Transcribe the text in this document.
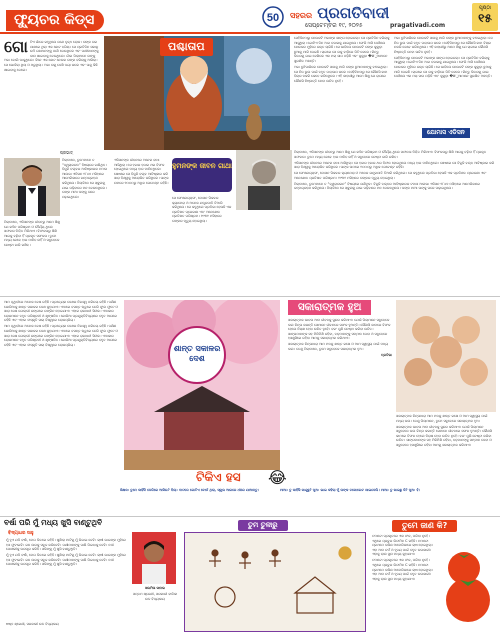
ଫ୍ୟୁଚର କିଡ୍ସ	50 ସହରର ପ୍ରଗତିବାଦୀ
ସେପ୍ଟେମ୍ବର ୧୯, ୨୦୨୫	pragativadi.com
ପୃଷ୍ଠା
୧୫
ଗୋ ଟିଏ ଗାଁରେ ରହୁଥିଲେ ଜଣେ ବୃଦ୍ଧ ଲୋକ। ତାଙ୍କ ଘର ପାଖରେ ଥିଲା ଏକ ଛୋଟ ବଗିଚା। ସେ ପ୍ରତିଦିନ ସକାଳୁ ଉଠି ଗଛମାନଙ୍କୁ ପାଣି ଦେଉଥିଲେ ଏବଂ ପକ୍ଷୀମାନଙ୍କୁ ଦାନା ଖାଇବାକୁ ଦେଉଥିଲେ। ଗାଁର ପିଲାମାନେ ତାଙ୍କୁ ଅଜା ବୋଲି ଡାକୁଥିଲେ। ଦିନେ ଏକ ଛୋଟ ନେଉଳ ତାଙ୍କ ବଗିଚାକୁ ଆସିଲା। ସେ ଭୋକିଲା ଥିଲା ଓ ଥରୁଥିଲା। ଅଜା ତାକୁ ଦେଖି ଦୟା କଲେ ଏବଂ ତାକୁ କିଛି ଖାଇବାକୁ ଦେଲେ।
ପ୍ରଭାତ୍
ପଶ୍ଚାତାପ

ସେହିଦିନଠାରୁ ନେଉଳଟି ଅଜାଙ୍କ ସାଙ୍ଗ ହୋଇଗଲା। ସେ ପ୍ରତିଦିନ ବଗିଚାକୁ ଆସୁଥିଲା। ଗୋଟିଏ ଦିନ ଅଜା ବଜାରକୁ ଯାଇଥିଲେ। ଫେରି ଆସି ଦେଖିଲେ ନେଉଳର ମୁହଁରେ ରକ୍ତ ଲାଗିଛି। ସେ ଭାବିଲେ ନେଉଳଟି ତାଙ୍କ କୁକୁଡ଼ା ଛୁଆକୁ ମାରି ଦେଇଛି। ରାଗରେ ସେ ତାକୁ ବାଡ଼ିରେ ପିଟି ଦେଲେ। କିନ୍ତୁ ଭିତରକୁ ଯାଇ ଦେଖିଲେ ଏକ ମରା ସାପ ପଡ଼ିଛି ଏବଂ କୁକୁଡ଼ା �छୁଆମାନେ ସୁରକ୍ଷିତ ଅଛନ୍ତି।

ଅଜା ବୁଝିପାରିଲେ ନେଉଳଟି ସାପକୁ ମାରି ତାଙ୍କ ଛୁଆମାନଙ୍କୁ ବଞ୍ଚାଇଥିଲା। ସେ ନିଜ ଭୁଲ ପାଇଁ ବହୁତ ପଶ୍ଚାତାପ କଲେ। ସେହିଦିନଠାରୁ ସେ କୌଣସି କାମ ବିଚାର ନକରି କେବେ କରିନଥିଲେ। ଏହି କାହାଣୀରୁ ଆମେ ଶିଖୁ ଯେ ରାଗରେ କୌଣସି ନିଷ୍ପତ୍ତି ନେବା ଉଚିତ ନୁହେଁ।

ଅଜା ବୁଝିପାରିଲେ ନେଉଳଟି ସାପକୁ ମାରି ତାଙ୍କ ଛୁଆମାନଙ୍କୁ ବଞ୍ଚାଇଥିଲା। ସେ ନିଜ ଭୁଲ ପାଇଁ ବହୁତ ପଶ୍ଚାତାପ କଲେ। ସେହିଦିନଠାରୁ ସେ କୌଣସି କାମ ବିଚାର ନକରି କେବେ କରିନଥିଲେ। ଏହି କାହାଣୀରୁ ଆମେ ଶିଖୁ ଯେ ରାଗରେ କୌଣସି ନିଷ୍ପତ୍ତି ନେବା ଉଚିତ ନୁହେଁ।

ସେହିଦିନଠାରୁ ନେଉଳଟି ଅଜାଙ୍କ ସାଙ୍ଗ ହୋଇଗଲା। ସେ ପ୍ରତିଦିନ ବଗିଚାକୁ ଆସୁଥିଲା। ଗୋଟିଏ ଦିନ ଅଜା ବଜାରକୁ ଯାଇଥିଲେ। ଫେରି ଆସି ଦେଖିଲେ ନେଉଳର ମୁହଁରେ ରକ୍ତ ଲାଗିଛି। ସେ ଭାବିଲେ ନେଉଳଟି ତାଙ୍କ କୁକୁଡ଼ା ଛୁଆକୁ ମାରି ଦେଇଛି। ରାଗରେ ସେ ତାକୁ ବାଡ଼ିରେ ପିଟି ଦେଲେ। କିନ୍ତୁ ଭିତରକୁ ଯାଇ ଦେଖିଲେ ଏକ ମରା ସାପ ପଡ଼ିଛି ଏବଂ କୁକୁଡ଼ା �छୁଆମାନେ ସୁରକ୍ଷିତ ଅଛନ୍ତି।

ଯୋମାସ ଏଡିସନ

ପିଲାମାନେ, ତୁମେମାନେ ତ “ଦ୍ୱରାରଗନ” ବିଷୟରେ ଜାଣିଥିବ। ବିଜୁଳି ବଲ୍ବର ଆବିଷ୍କାରକ ଟମାସ ଆଲଭା ଏଡିସନ ୧୮୪୭ ମସିହାରେ ଆମେରିକାରେ ଜନ୍ମଗ୍ରହଣ କରିଥିଲେ। ପିଲାଦିନେ ସେ ସ୍କୁଲକୁ ଯାଇ ପଢ଼ିବାରେ ମନ ଦେଉନଥିଲେ। ତାଙ୍କ ମାଆ ତାଙ୍କୁ ଘରେ ପଢ଼ାଇଥିଲେ।

ପିଲାମାନେ, ଏଡିସନଙ୍କ ଜୀବନରୁ ଆମେ ଶିଖୁ ଯେ କଠିନ ପରିଶ୍ରମ ଓ ଧୈର୍ଯ୍ୟ ଥିଲେ ସଫଳତା ନିଶ୍ଚିତ ମିଳିଥାଏ। ବିଫଳତାରୁ ଶିଖି ଆଗକୁ ବଢ଼ିବା ହିଁ ପ୍ରକୃତ ସଫଳତା। ତୁମେ ମଧ୍ୟ କେବେ ହାର ମାନିବ ନାହିଁ ଓ ସବୁବେଳେ ଚେଷ୍ଟା ଜାରି ରଖିବ।

ଏଡିସନଙ୍କ ଜୀବନରେ ଅନେକ ବାଧା ଆସିଥିଲା। ସେ ହଜାର ହଜାର ଥର ବିଫଳ ହୋଇଥିଲେ ମଧ୍ୟ ହାର ମାନିନଥିଲେ। ଶେଷରେ ସେ ବିଜୁଳି ବଲ୍ବ ଆବିଷ୍କାର କରି ସାରା ବିଶ୍ୱକୁ ଆଲୋକିତ କରିଥିଲେ। ତାଙ୍କ ନାମରେ ୧୦୦୦ରୁ ଅଧିକ ପେଟେଣ୍ଟ ରହିଛି।

ହୁମନଙ୍କ ଜୀବନ ଗାଥା

ସେ ଫୋନୋଗ୍ରାଫ, ମୋସନ ପିକଚର କ୍ୟାମେରା ଓ ଅନେକ ଯନ୍ତ୍ରପାତି ତିଆରି କରିଥିଲେ। ସେ କହୁଥିଲେ ପ୍ରତିଭା ହେଉଛି ଏକ ପ୍ରତିଶତ ପ୍ରେରଣା ଏବଂ ଅନେଶୋତ ପ୍ରତିଶତ ପରିଶ୍ରମ। ୧୯୩୧ ମସିହାରେ ତାଙ୍କର ମୃତ୍ୟୁ ହୋଇଥିଲା।

ପିଲାମାନେ, ଏଡିସନଙ୍କ ଜୀବନରୁ ଆମେ ଶିଖୁ ଯେ କଠିନ ପରିଶ୍ରମ ଓ ଧୈର୍ଯ୍ୟ ଥିଲେ ସଫଳତା ନିଶ୍ଚିତ ମିଳିଥାଏ। ବିଫଳତାରୁ ଶିଖି ଆଗକୁ ବଢ଼ିବା ହିଁ ପ୍ରକୃତ ସଫଳତା। ତୁମେ ମଧ୍ୟ କେବେ ହାର ମାନିବ ନାହିଁ ଓ ସବୁବେଳେ ଚେଷ୍ଟା ଜାରି ରଖିବ।

ଏଡିସନଙ୍କ ଜୀବନରେ ଅନେକ ବାଧା ଆସିଥିଲା। ସେ ହଜାର ହଜାର ଥର ବିଫଳ ହୋଇଥିଲେ ମଧ୍ୟ ହାର ମାନିନଥିଲେ। ଶେଷରେ ସେ ବିଜୁଳି ବଲ୍ବ ଆବିଷ୍କାର କରି ସାରା ବିଶ୍ୱକୁ ଆଲୋକିତ କରିଥିଲେ। ତାଙ୍କ ନାମରେ ୧୦୦୦ରୁ ଅଧିକ ପେଟେଣ୍ଟ ରହିଛି।

ସେ ଫୋନୋଗ୍ରାଫ, ମୋସନ ପିକଚର କ୍ୟାମେରା ଓ ଅନେକ ଯନ୍ତ୍ରପାତି ତିଆରି କରିଥିଲେ। ସେ କହୁଥିଲେ ପ୍ରତିଭା ହେଉଛି ଏକ ପ୍ରତିଶତ ପ୍ରେରଣା ଏବଂ ଅନେଶୋତ ପ୍ରତିଶତ ପରିଶ୍ରମ। ୧୯୩୧ ମସିହାରେ ତାଙ୍କର ମୃତ୍ୟୁ ହୋଇଥିଲା।

ପିଲାମାନେ, ତୁମେମାନେ ତ “ଦ୍ୱରାରଗନ” ବିଷୟରେ ଜାଣିଥିବ। ବିଜୁଳି ବଲ୍ବର ଆବିଷ୍କାରକ ଟମାସ ଆଲଭା ଏଡିସନ ୧୮୪୭ ମସିହାରେ ଆମେରିକାରେ ଜନ୍ମଗ୍ରହଣ କରିଥିଲେ। ପିଲାଦିନେ ସେ ସ୍କୁଲକୁ ଯାଇ ପଢ଼ିବାରେ ମନ ଦେଉନଥିଲେ। ତାଙ୍କ ମାଆ ତାଙ୍କୁ ଘରେ ପଢ଼ାଇଥିଲେ।

ଆମ ପୃଥିବୀରେ ଅନେକ ଦେଶ ରହିଛି। ପ୍ରତ୍ୟେକ ଦେଶର ନିଜସ୍ୱ ପରିଚୟ ରହିଛି। ଦକ୍ଷିଣ କୋରିଆକୁ ଶାନ୍ତ ସକାଳର ଦେଶ କୁହାଯାଏ। ଏଠାରେ ବସନ୍ତ ଋତୁରେ ଚେରି ଫୁଲ ଫୁଟେ ଓ ସାରା ଦେଶ ଗୋଲାପୀ ରଙ୍ଗରେ ରଙ୍ଗିନ ହୋଇଯାଏ। ଏହାର ରାଜଧାନୀ ସିଓଲ। ଏଠାକାର ଲୋକମାନେ ବହୁତ ପରିଶ୍ରମୀ ଓ ଶୃଙ୍ଖଳିତ। କୋରିଆ ପ୍ରଯୁକ୍ତିବିଦ୍ୟାରେ ବହୁତ ଆଗରେ ରହିଛି ଏବଂ ଏହାର ସଂସ୍କୃତି ସାରା ବିଶ୍ୱରେ ଲୋକପ୍ରିୟ।

ଆମ ପୃଥିବୀରେ ଅନେକ ଦେଶ ରହିଛି। ପ୍ରତ୍ୟେକ ଦେଶର ନିଜସ୍ୱ ପରିଚୟ ରହିଛି। ଦକ୍ଷିଣ କୋରିଆକୁ ଶାନ୍ତ ସକାଳର ଦେଶ କୁହାଯାଏ। ଏଠାରେ ବସନ୍ତ ଋତୁରେ ଚେରି ଫୁଲ ଫୁଟେ ଓ ସାରା ଦେଶ ଗୋଲାପୀ ରଙ୍ଗରେ ରଙ୍ଗିନ ହୋଇଯାଏ। ଏହାର ରାଜଧାନୀ ସିଓଲ। ଏଠାକାର ଲୋକମାନେ ବହୁତ ପରିଶ୍ରମୀ ଓ ଶୃଙ୍ଖଳିତ। କୋରିଆ ପ୍ରଯୁକ୍ତିବିଦ୍ୟାରେ ବହୁତ ଆଗରେ ରହିଛି ଏବଂ ଏହାର ସଂସ୍କୃତି ସାରା ବିଶ୍ୱରେ ଲୋକପ୍ରିୟ।	ଶାନ୍ତ ସକାଳର ଦେଶ
ସକାରାତ୍ମକ ହୁଅ

ସକାରାତ୍ମକ ଭାବନା ଆମ ଜୀବନକୁ ସୁନ୍ଦର କରିଥାଏ। ଯେଉଁ ପିଲାମାନେ ସବୁବେଳେ ଭଲ ଚିନ୍ତା କରନ୍ତି ସେମାନେ ଜୀବନରେ ସଫଳ ହୁଅନ୍ତି। କୌଣସି କାମରେ ବିଫଳ ହେଲେ ନିରାଶ ହେବା ଉଚିତ ନୁହେଁ। ବରଂ ପୁଣି ଚେଷ୍ଟା କରିବା ଉଚିତ। ସାଙ୍ଗମାନଙ୍କ ସହ ମିଳିମିଶି ରହିବା, ବଡ଼ମାନଙ୍କୁ ସମ୍ମାନ ଦେବା ଓ ସବୁବେଳେ ହସଖୁସିରେ ରହିବା ଆମକୁ ସକାରାତ୍ମକ କରିଥାଏ।

ସକାରାତ୍ମକ ଚିନ୍ତାଧାରା ଆମ ମନକୁ ଶାନ୍ତ ରଖେ ଓ ଆମ ସ୍ୱାସ୍ଥ୍ୟ ପାଇଁ ମଧ୍ୟ ଭଲ। ତେଣୁ ପିଲାମାନେ, ତୁମେ ସବୁବେଳେ ସକାରାତ୍ମକ ହୁଅ।

ପ୍ରତିଭା

ସକାରାତ୍ମକ ଚିନ୍ତାଧାରା ଆମ ମନକୁ ଶାନ୍ତ ରଖେ ଓ ଆମ ସ୍ୱାସ୍ଥ୍ୟ ପାଇଁ ମଧ୍ୟ ଭଲ। ତେଣୁ ପିଲାମାନେ, ତୁମେ ସବୁବେଳେ ସକାରାତ୍ମକ ହୁଅ।

ସକାରାତ୍ମକ ଭାବନା ଆମ ଜୀବନକୁ ସୁନ୍ଦର କରିଥାଏ। ଯେଉଁ ପିଲାମାନେ ସବୁବେଳେ ଭଲ ଚିନ୍ତା କରନ୍ତି ସେମାନେ ଜୀବନରେ ସଫଳ ହୁଅନ୍ତି। କୌଣସି କାମରେ ବିଫଳ ହେଲେ ନିରାଶ ହେବା ଉଚିତ ନୁହେଁ। ବରଂ ପୁଣି ଚେଷ୍ଟା କରିବା ଉଚିତ। ସାଙ୍ଗମାନଙ୍କ ସହ ମିଳିମିଶି ରହିବା, ବଡ଼ମାନଙ୍କୁ ସମ୍ମାନ ଦେବା ଓ ସବୁବେଳେ ହସଖୁସିରେ ରହିବା ଆମକୁ ସକାରାତ୍ମକ କରିଥାଏ।

ଟିକିଏ ହସ 😂

ଶିକ୍ଷକ: ତୁମେ କାହିଁକି ଡେରିରେ ଆସିଲ? ପିଲା: ବାଟରେ ଗୋଟିଏ ବୋର୍ଡ ଥିଲା, ସ୍କୁଲ ଆଗରେ ଧୀରେ ଯାଆନ୍ତୁ।	ମାଆ: ତୁ କାହିଁକି କାନ୍ଦୁଛୁ? ପୁଅ: ଭାଇ କହିଲା ମୁଁ ତାଙ୍କ ଚକୋଲେଟ ଖାଇଦେଲି। ମାଆ: ତୁ ଖାଇଛୁ କି? ପୁଅ: ହଁ।

ବର୍ଷା ପରି ମୁଁ ମଧ୍ୟ ଖୁସି ବାଣ୍ଟୁଥିବି
ବିଦ୍ୟାଧର ସାହୁ

ମୁଁ ହୁଏ ଯଦି ବର୍ଷା, ମେଘ ଭିତରେ ରହିବି। ଶୁଖିଲା ମାଟିକୁ ମୁଁ ଭିଜାଇ ଦେବି। ଚାଷୀ ଭାଇଙ୍କ ମୁହଁରେ ହସ ଫୁଟାଇବି। ଗଛ ଲତାକୁ ସବୁଜ କରିଦେବି। ପକ୍ଷୀମାନଙ୍କୁ ପାଣି ପିଇବାକୁ ଦେବି। ନଦୀ ପୋଖରୀକୁ ଭରପୂର କରିବି। ସଭିଙ୍କୁ ମୁଁ ଖୁସି ବାଣ୍ଟୁଥିବି।

ମୁଁ ହୁଏ ଯଦି ବର୍ଷା, ମେଘ ଭିତରେ ରହିବି। ଶୁଖିଲା ମାଟିକୁ ମୁଁ ଭିଜାଇ ଦେବି। ଚାଷୀ ଭାଇଙ୍କ ମୁହଁରେ ହସ ଫୁଟାଇବି। ଗଛ ଲତାକୁ ସବୁଜ କରିଦେବି। ପକ୍ଷୀମାନଙ୍କୁ ପାଣି ପିଇବାକୁ ଦେବି। ନଦୀ ପୋଖରୀକୁ ଭରପୂର କରିବି। ସଭିଙ୍କୁ ମୁଁ ଖୁସି ବାଣ୍ଟୁଥିବି।

ଷଷ୍ଠ ଶ୍ରେଣୀ, ସରକାରୀ ଉଚ୍ଚ ବିଦ୍ୟାଳୟ

ତୁମ ତୁଳୀରୁ

ସଲମିତା ସାମଲ

ସପ୍ତମ ଶ୍ରେଣୀ, ସରକାରୀ ବାଳିକା ଉଚ୍ଚ ବିଦ୍ୟାଳୟ

ତୁମେ ଜାଣ କି?

ଟମାଟୋ ପ୍ରକୃତରେ ଏକ ଫଳ, ପରିବା ନୁହେଁ। ଏଥିରେ ପ୍ରଚୁର ଭିଟାମିନ C ରହିଛି। ଟମାଟୋ ପ୍ରଥମେ ଦକ୍ଷିଣ ଆମେରିକାରେ ଚାଷ ହୋଇଥିଲା। ଏହା ଆମ ଚର୍ମ ଓ ହୃଦୟ ପାଇଁ ବହୁତ ଉପକାରୀ। ଏହାକୁ ଲାଲ ସୁନା ମଧ୍ୟ କୁହାଯାଏ।

ଟମାଟୋ ପ୍ରକୃତରେ ଏକ ଫଳ, ପରିବା ନୁହେଁ। ଏଥିରେ ପ୍ରଚୁର ଭିଟାମିନ C ରହିଛି। ଟମାଟୋ ପ୍ରଥମେ ଦକ୍ଷିଣ ଆମେରିକାରେ ଚାଷ ହୋଇଥିଲା। ଏହା ଆମ ଚର୍ମ ଓ ହୃଦୟ ପାଇଁ ବହୁତ ଉପକାରୀ। ଏହାକୁ ଲାଲ ସୁନା ମଧ୍ୟ କୁହାଯାଏ।
